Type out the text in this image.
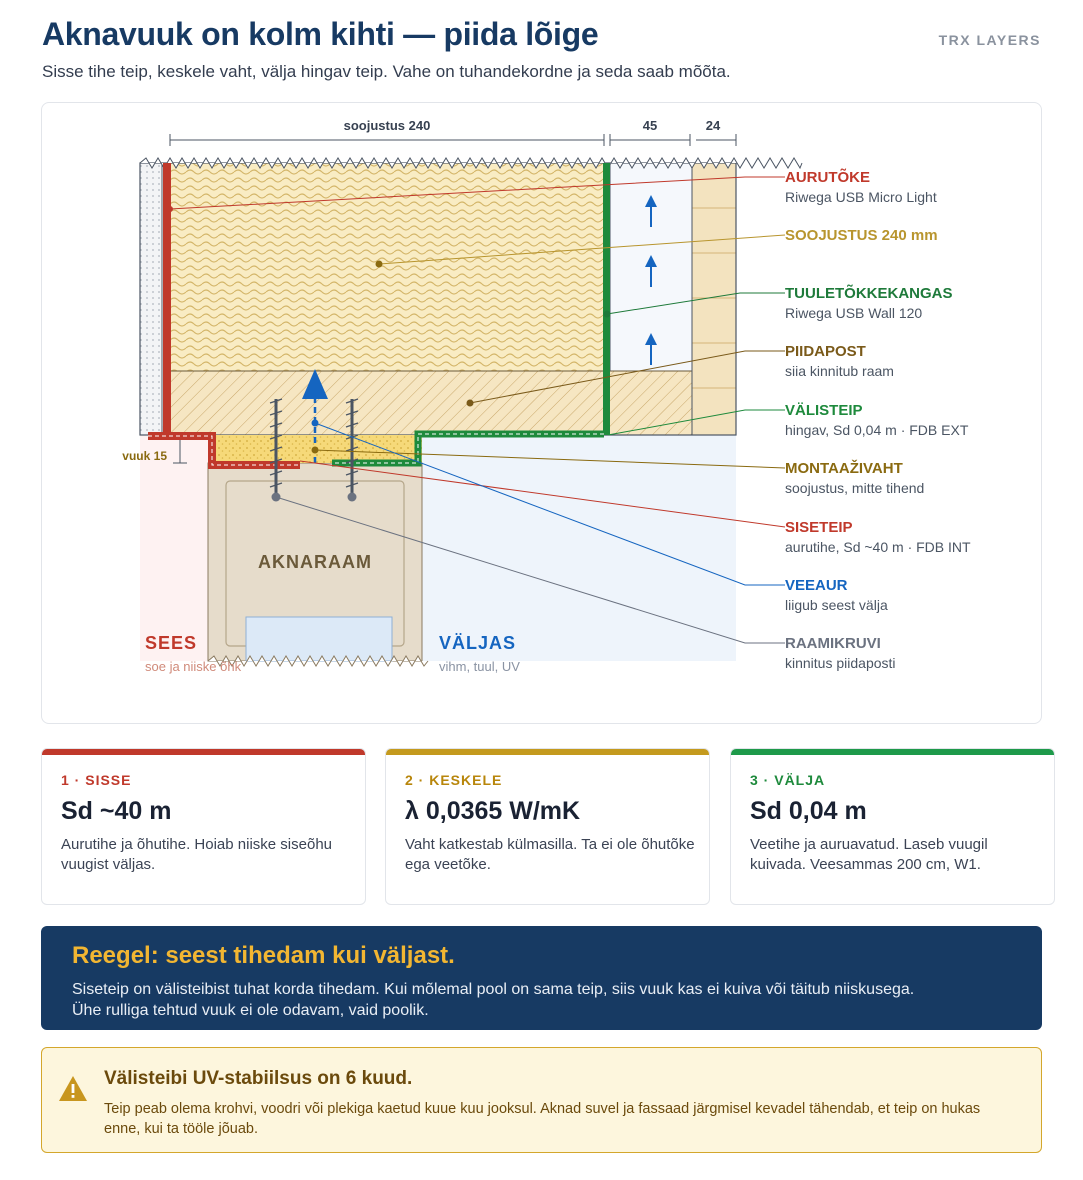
Aknavuuk on kolm kihti — piida lõige
Sisse tihe teip, keskele vaht, välja hingav teip. Vahe on tuhandekordne ja seda saab mõõta.
TRX LAYERS
soojustus 240	45	24
vuuk 15
AKNARAAM
SEES
soe ja niiske õhk
VÄLJAS
vihm, tuul, UV
AURUTÕKE
Riwega USB Micro Light
SOOJUSTUS 240 mm
TUULETÕKKEKANGAS
Riwega USB Wall 120
PIIDAPOST
siia kinnitub raam
VÄLISTEIP
hingav, Sd 0,04 m · FDB EXT
MONTAAŽIVAHT
soojustus, mitte tihend
SISETEIP
aurutihe, Sd ~40 m · FDB INT
VEEAUR
liigub seest välja
RAAMIKRUVI
kinnitus piidaposti
1 · SISSE
Sd ~40 m
Aurutihe ja õhutihe. Hoiab niiske siseõhu vuugist väljas.
2 · KESKELE
λ 0,0365 W/mK
Vaht katkestab külmasilla. Ta ei ole õhutõke ega veetõke.
3 · VÄLJA
Sd 0,04 m
Veetihe ja auruavatud. Laseb vuugil kuivada. Veesammas 200 cm, W1.
Reegel: seest tihedam kui väljast.
Siseteip on välisteibist tuhat korda tihedam. Kui mõlemal pool on sama teip, siis vuuk kas ei kuiva või täitub niiskusega. Ühe rulliga tehtud vuuk ei ole odavam, vaid poolik.
Välisteibi UV-stabiilsus on 6 kuud.
Teip peab olema krohvi, voodri või plekiga kaetud kuue kuu jooksul. Aknad suvel ja fassaad järgmisel kevadel tähendab, et teip on hukas enne, kui ta tööle jõuab.
